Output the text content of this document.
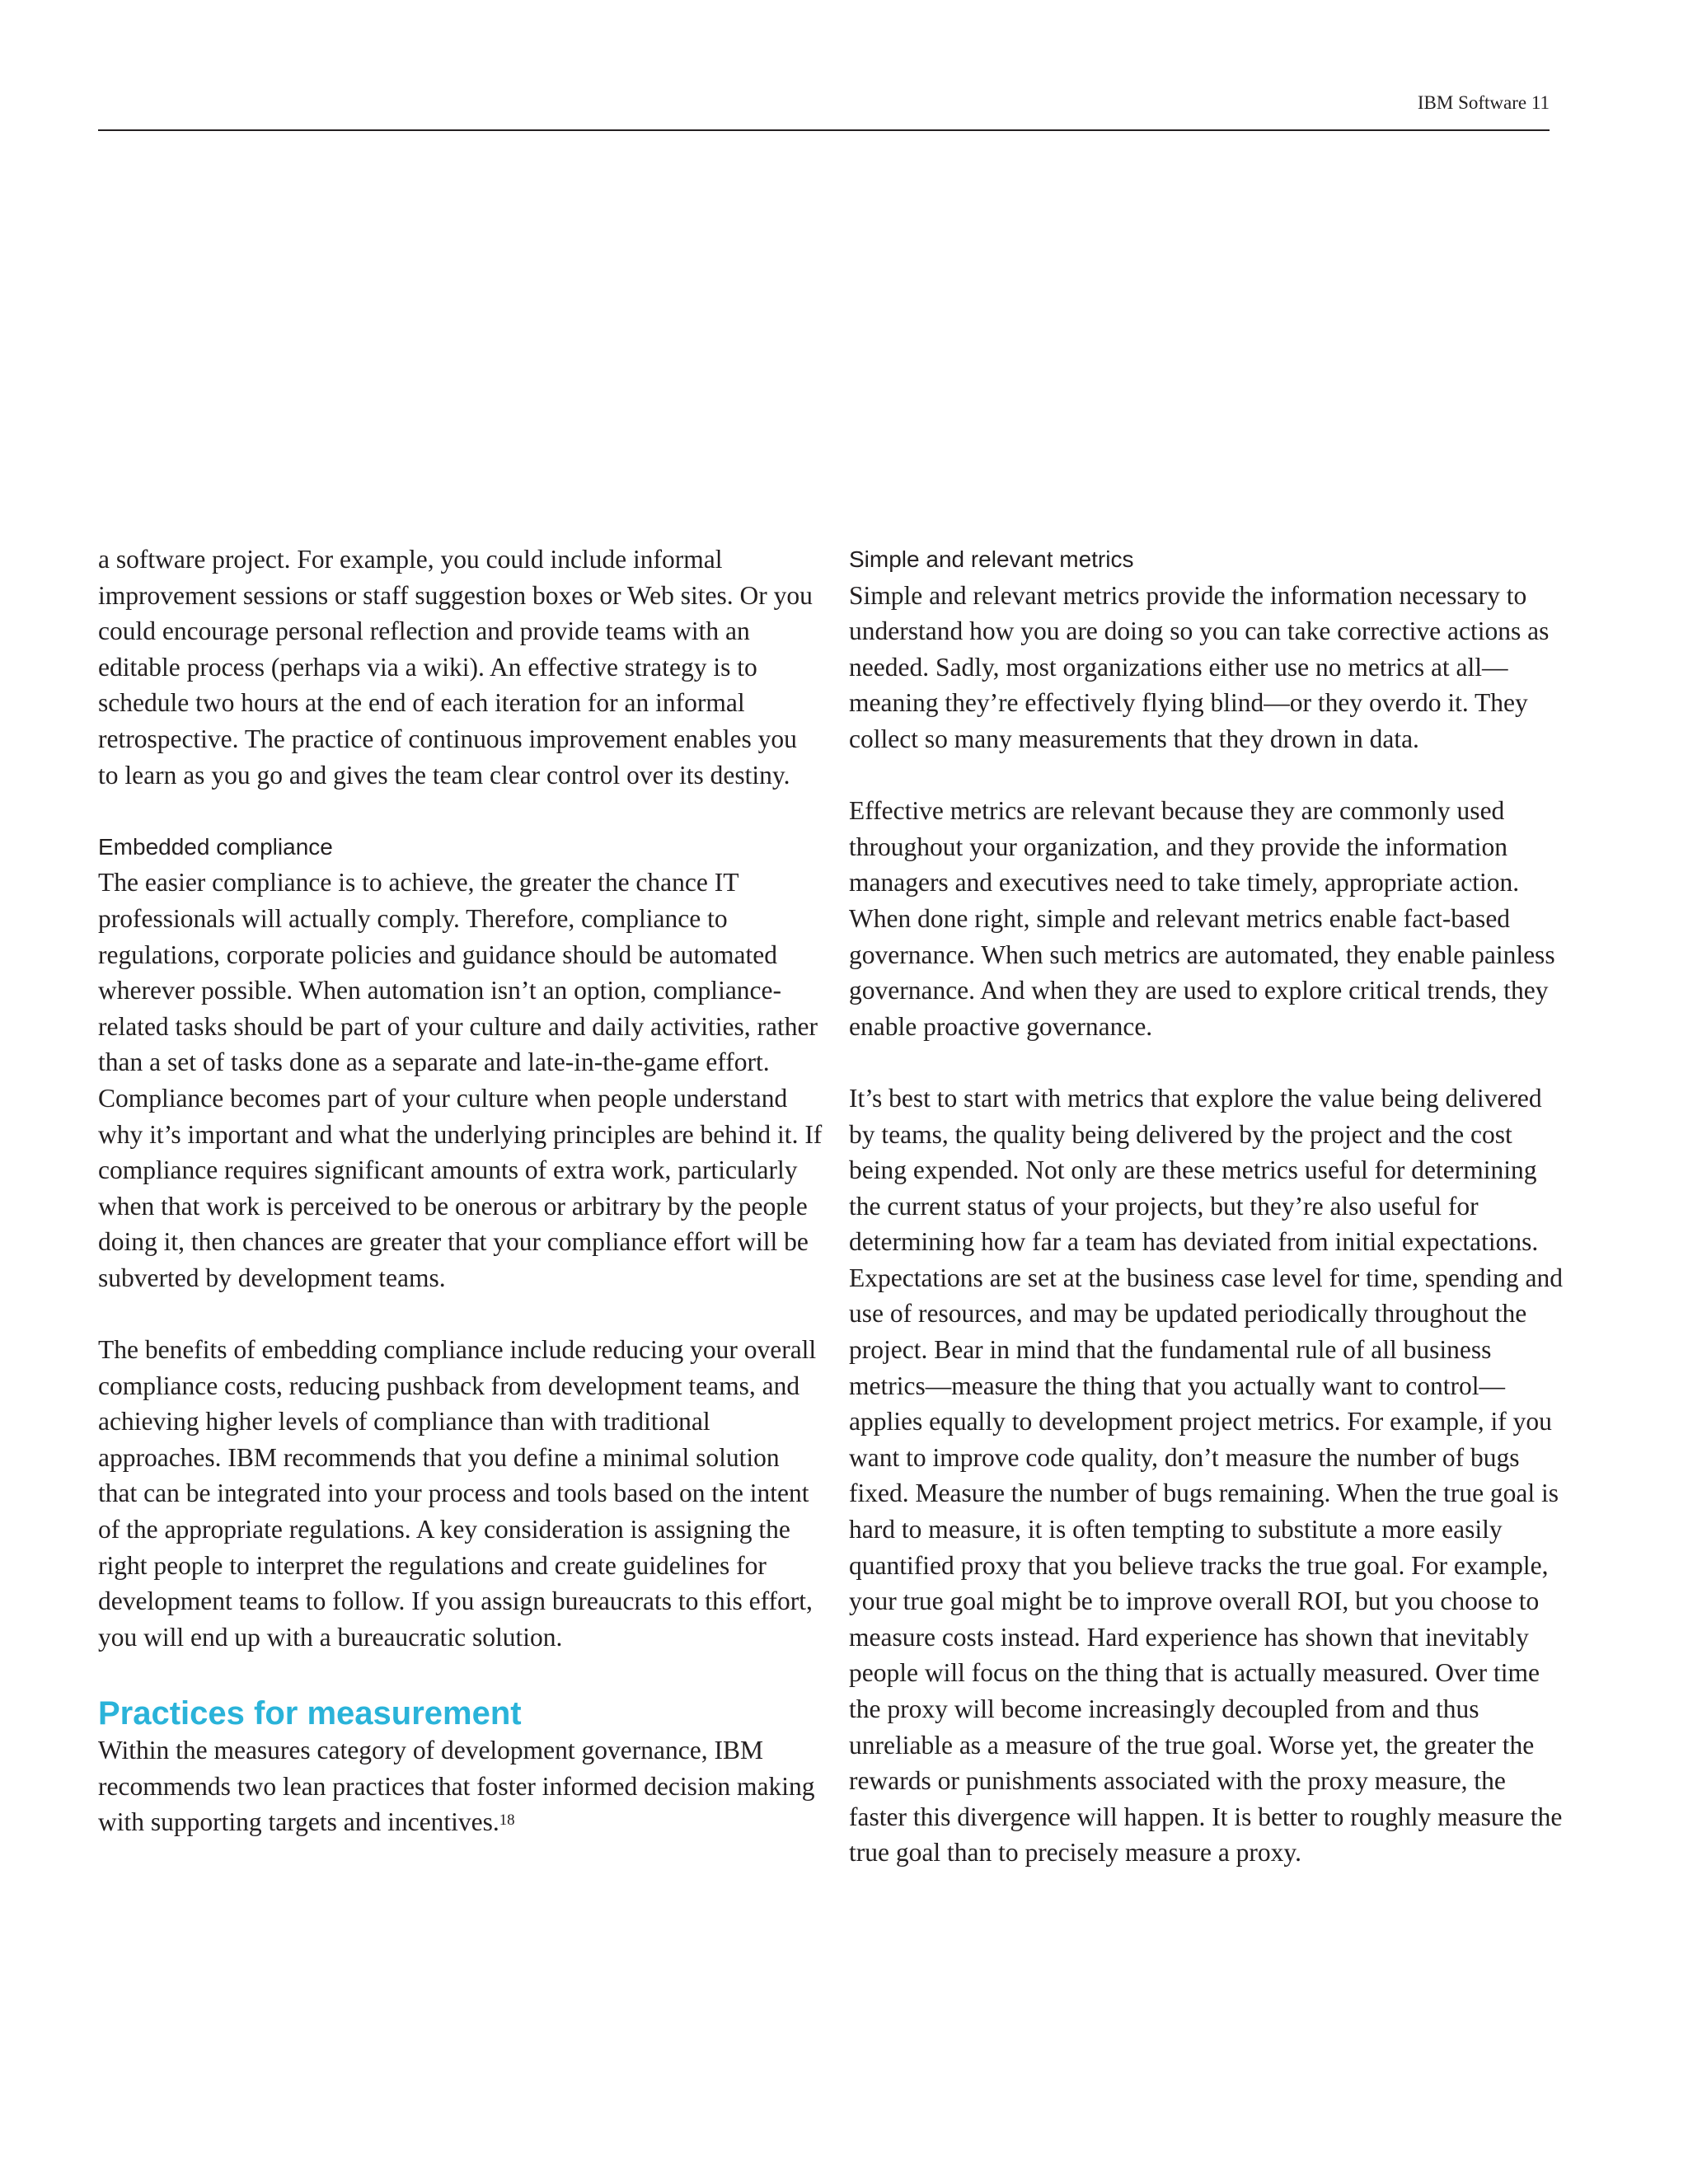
IBM Software 11

a software project. For example, you could include informal improvement sessions or staff suggestion boxes or Web sites. Or you could encourage personal reflection and provide teams with an editable process (perhaps via a wiki). An effective strategy is to schedule two hours at the end of each iteration for an informal retrospective. The practice of continuous improvement enables you to learn as you go and gives the team clear control over its destiny.

Embedded compliance

The easier compliance is to achieve, the greater the chance IT professionals will actually comply. Therefore, compliance to regulations, corporate policies and guidance should be automated wherever possible. When automation isn’t an option, compliance-related tasks should be part of your culture and daily activities, rather than a set of tasks done as a separate and late-in-the-game effort. Compliance becomes part of your culture when people understand why it’s important and what the underlying principles are behind it. If compliance requires significant amounts of extra work, particularly when that work is perceived to be onerous or arbitrary by the people doing it, then chances are greater that your compliance effort will be subverted by development teams.

The benefits of embedding compliance include reducing your overall compliance costs, reducing pushback from development teams, and achieving higher levels of compliance than with traditional approaches. IBM recommends that you define a minimal solution that can be integrated into your process and tools based on the intent of the appropriate regulations. A key consideration is assigning the right people to interpret the regulations and create guidelines for development teams to follow. If you assign bureaucrats to this effort, you will end up with a bureaucratic solution.

Practices for measurement

Within the measures category of development governance, IBM recommends two lean practices that foster informed decision making with supporting targets and incentives.$^{18}$

Simple and relevant metrics

Simple and relevant metrics provide the information necessary to understand how you are doing so you can take corrective actions as needed. Sadly, most organizations either use no metrics at all—meaning they’re effectively flying blind—or they overdo it. They collect so many measurements that they drown in data.

Effective metrics are relevant because they are commonly used throughout your organization, and they provide the information managers and executives need to take timely, appropriate action. When done right, simple and relevant metrics enable fact-based governance. When such metrics are automated, they enable painless governance. And when they are used to explore critical trends, they enable proactive governance.

It’s best to start with metrics that explore the value being delivered by teams, the quality being delivered by the project and the cost being expended. Not only are these metrics useful for determining the current status of your projects, but they’re also useful for determining how far a team has deviated from initial expectations. Expectations are set at the business case level for time, spending and use of resources, and may be updated periodically throughout the project. Bear in mind that the fundamental rule of all business metrics—measure the thing that you actually want to control—applies equally to development project metrics. For example, if you want to improve code quality, don’t measure the number of bugs fixed. Measure the number of bugs remaining. When the true goal is hard to measure, it is often tempting to substitute a more easily quantified proxy that you believe tracks the true goal. For example, your true goal might be to improve overall ROI, but you choose to measure costs instead. Hard experience has shown that inevitably people will focus on the thing that is actually measured. Over time the proxy will become increasingly decoupled from and thus unreliable as a measure of the true goal. Worse yet, the greater the rewards or punishments associated with the proxy measure, the faster this divergence will happen. It is better to roughly measure the true goal than to precisely measure a proxy.
